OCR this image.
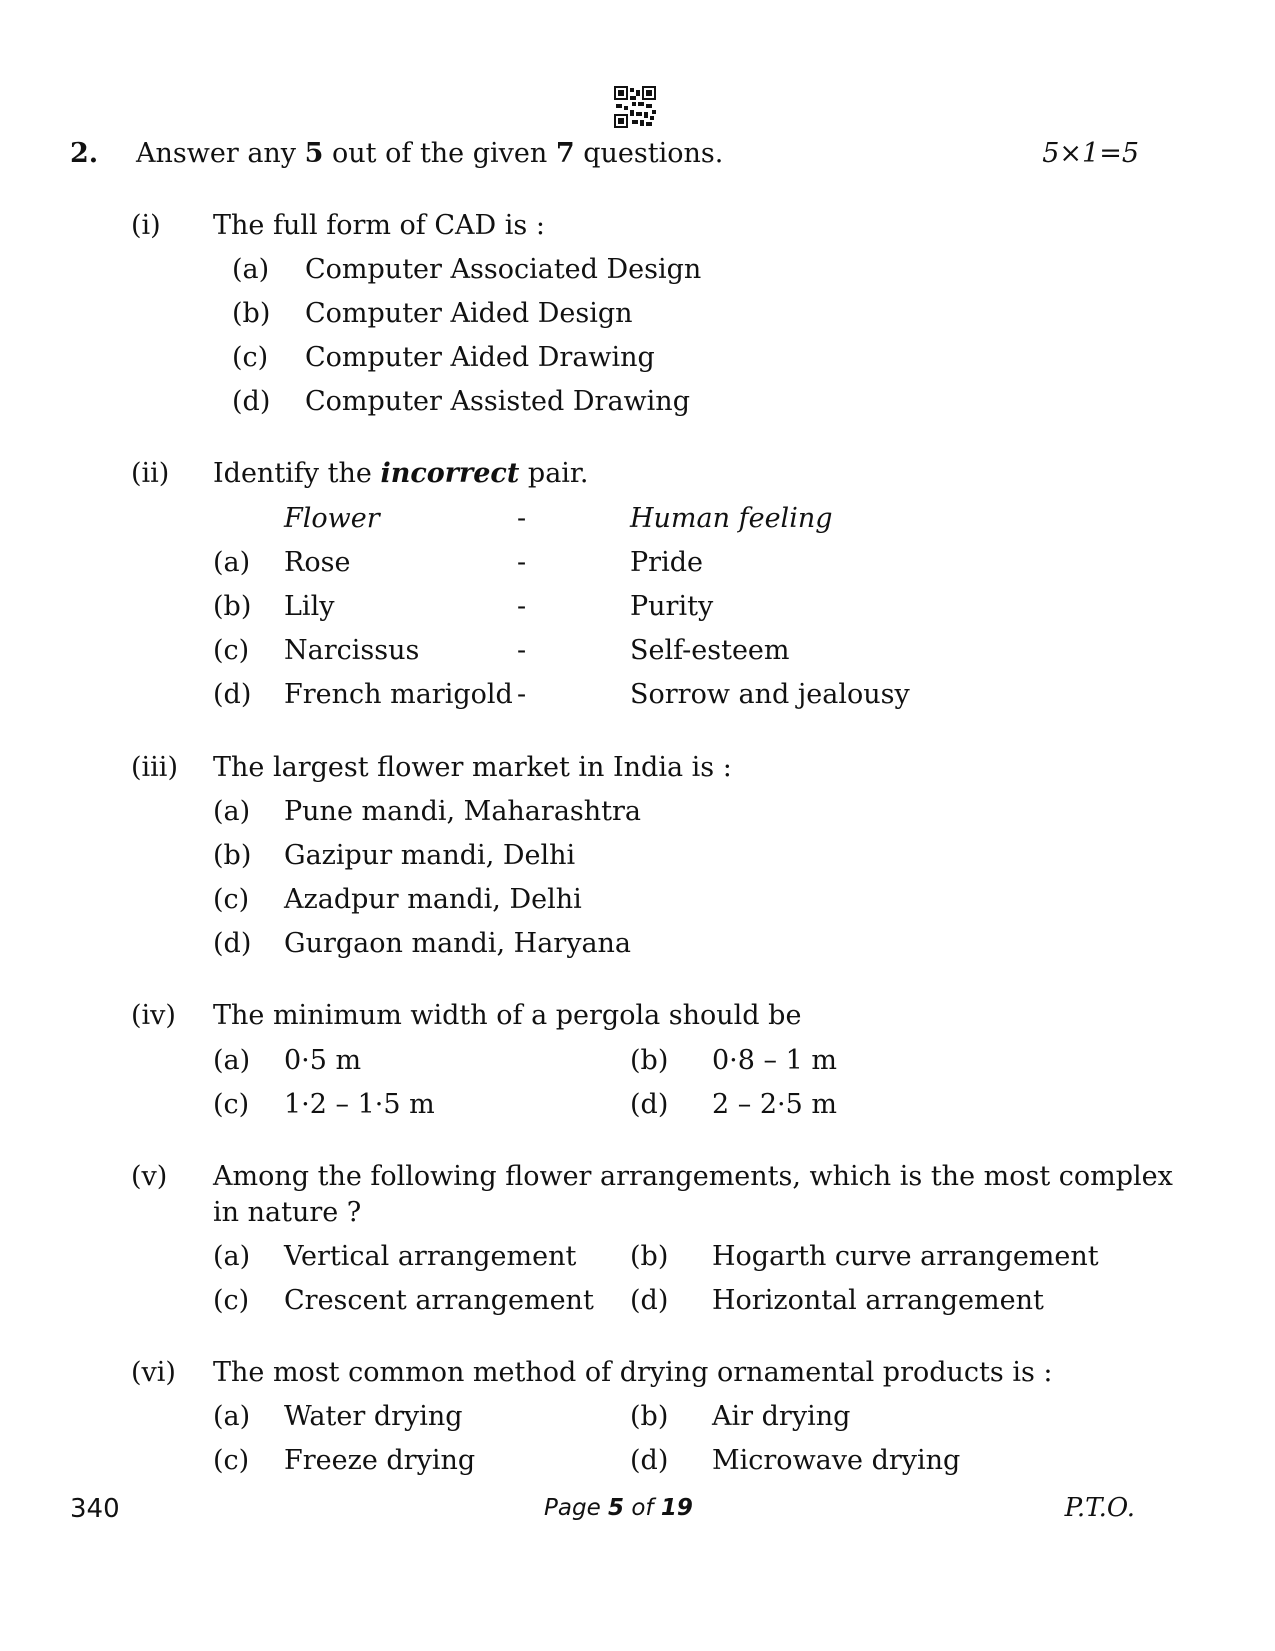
2. Answer any 5 out of the given 7 questions.	5×1=5
(i) The full form of CAD is :
(a) Computer Associated Design
(b) Computer Aided Design
(c) Computer Aided Drawing
(d) Computer Assisted Drawing
(ii) Identify the incorrect pair.
Flower	-	Human feeling
(a) Rose	-	Pride
(b) Lily	-	Purity
(c) Narcissus	-	Self-esteem
(d) French marigold -	Sorrow and jealousy
(iii) The largest flower market in India is :
(a) Pune mandi, Maharashtra
(b) Gazipur mandi, Delhi
(c) Azadpur mandi, Delhi
(d) Gurgaon mandi, Haryana
(iv) The minimum width of a pergola should be
(a) 0·5 m	(b) 0·8 – 1 m
(c) 1·2 – 1·5 m	(d) 2 – 2·5 m
(v) Among the following flower arrangements, which is the most complex
in nature ?
(a) Vertical arrangement (b) Hogarth curve arrangement
(c) Crescent arrangement (d) Horizontal arrangement
(vi) The most common method of drying ornamental products is :
(a) Water drying	(b) Air drying
(c) Freeze drying	(d) Microwave drying
340	Page 5 of 19	P.T.O.
